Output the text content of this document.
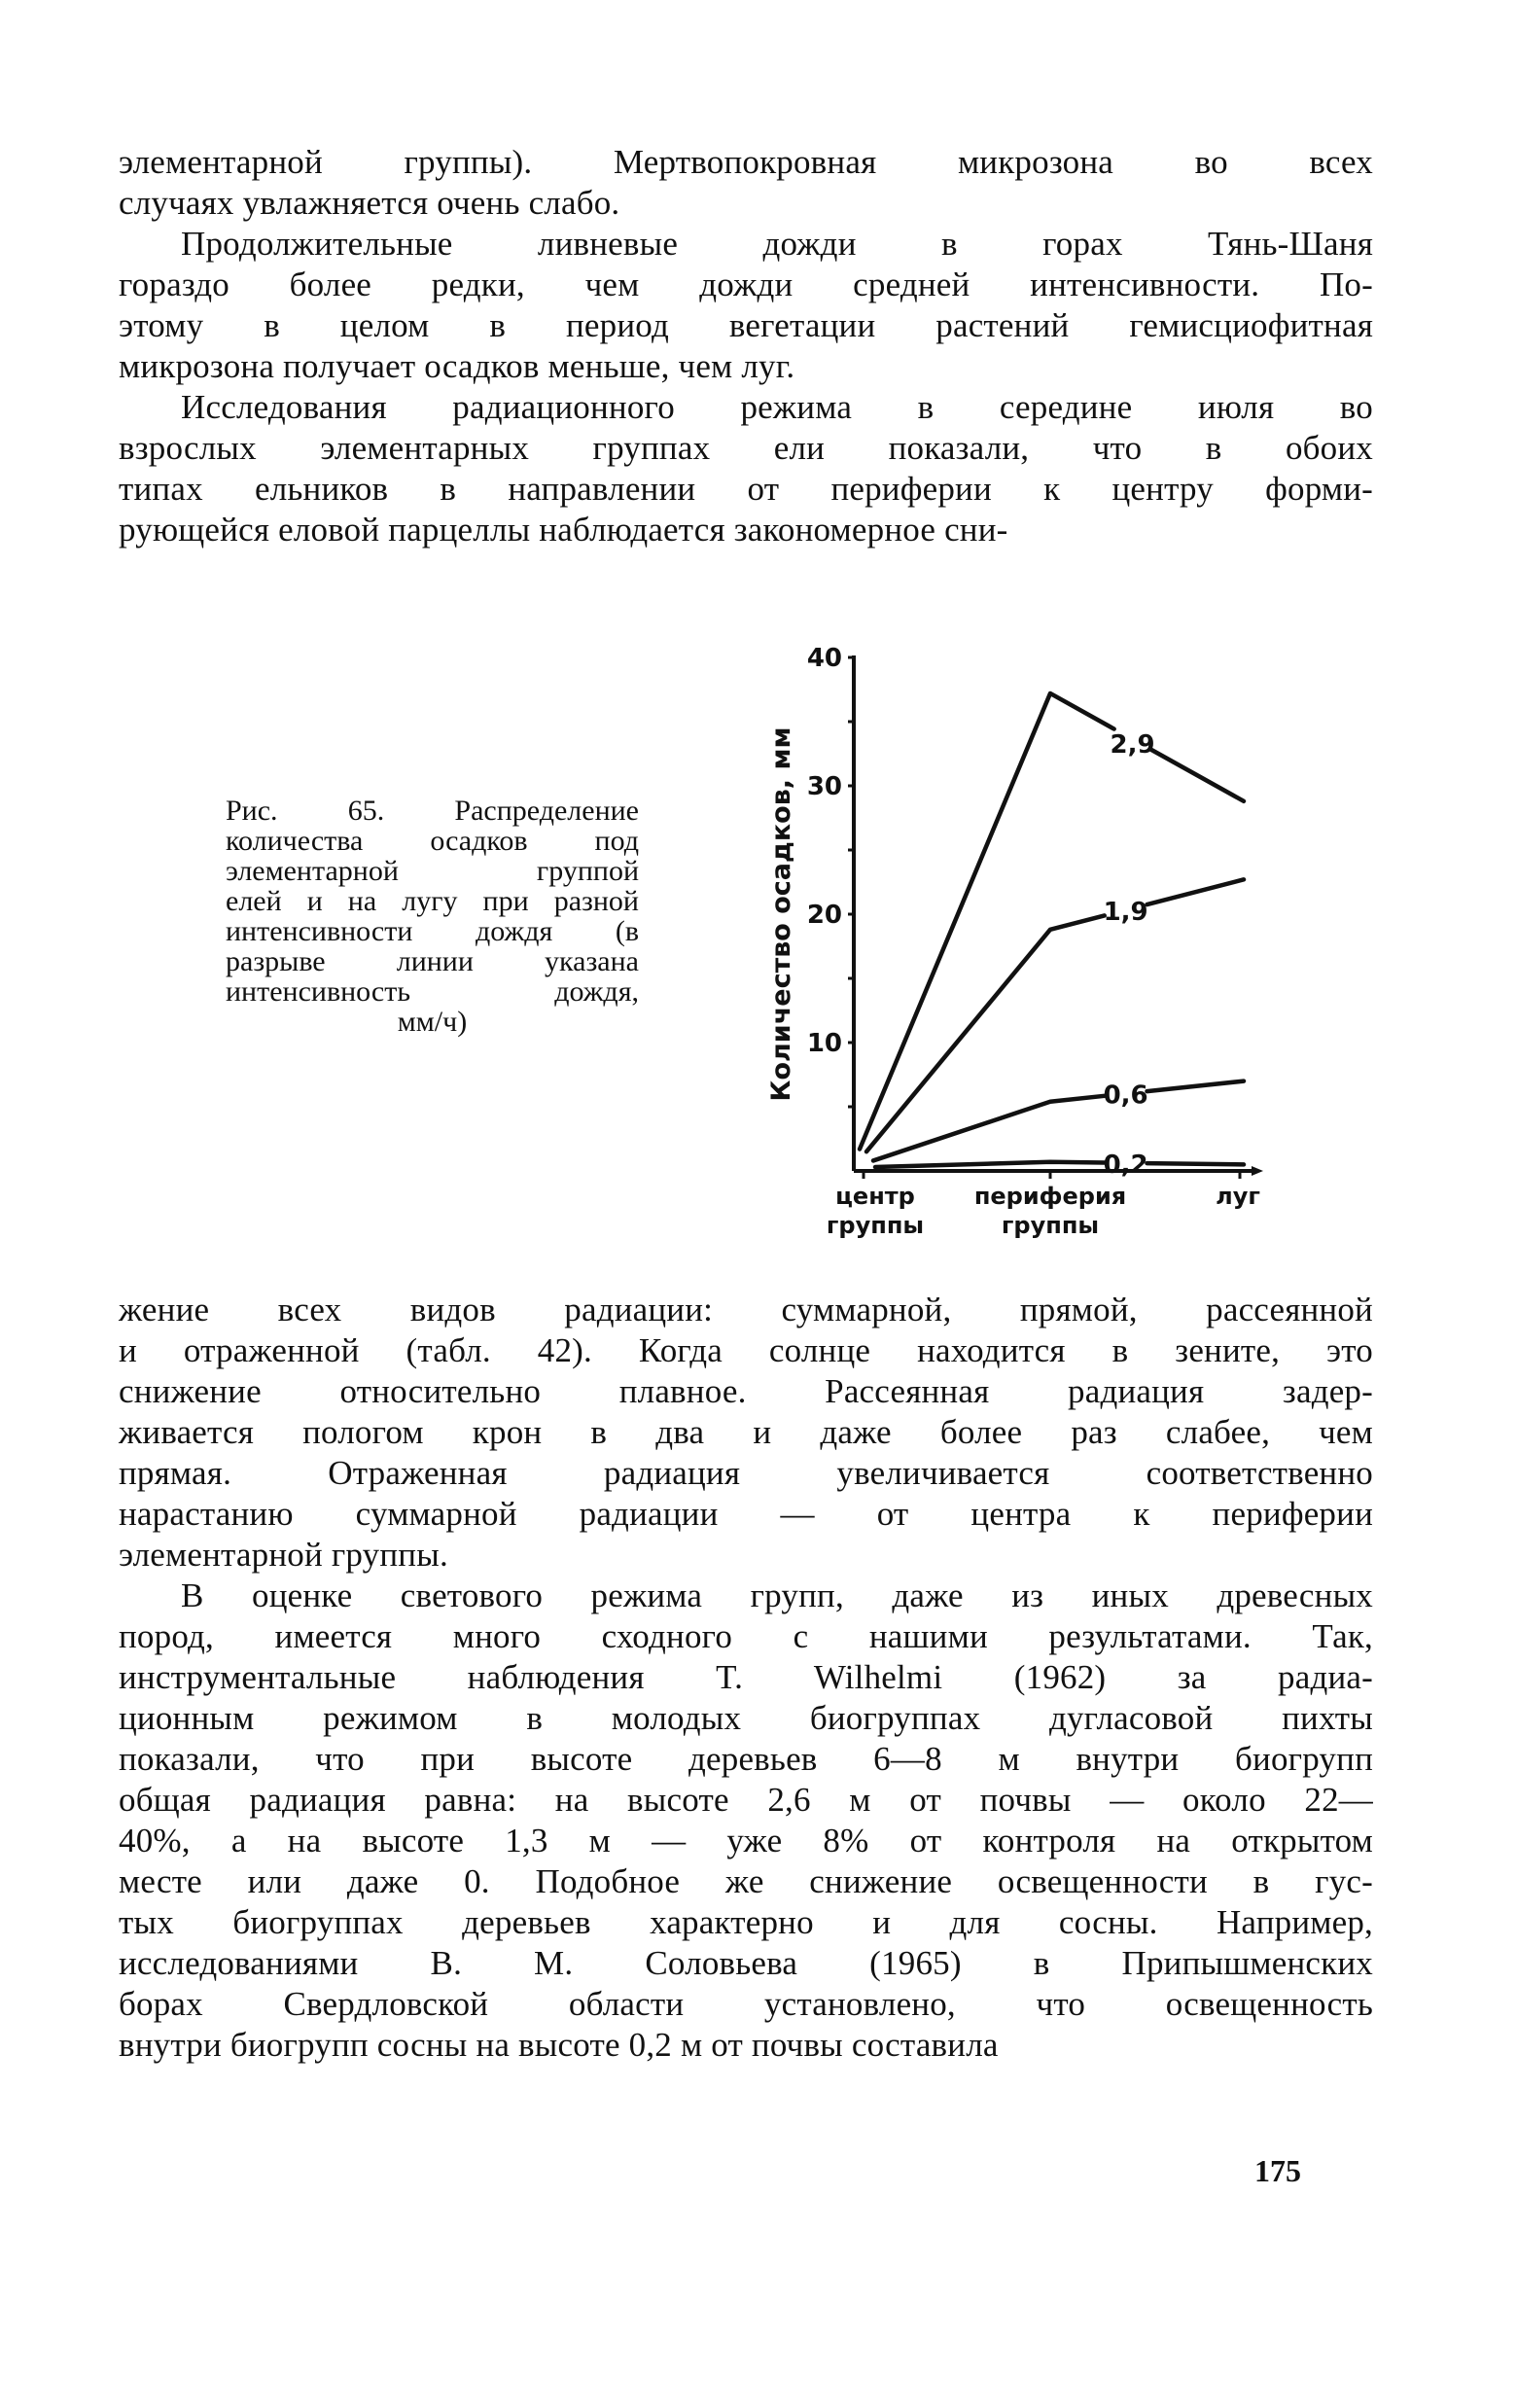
элементарной группы). Мертвопокровная микрозона во всех
случаях увлажняется очень слабо.
Продолжительные ливневые дожди в горах Тянь-Шаня
гораздо более редки, чем дожди средней интенсивности. По-
этому в целом в период вегетации растений гемисциофитная
микрозона получает осадков меньше, чем луг.
Исследования радиационного режима в середине июля во
взрослых элементарных группах ели показали, что в обоих
типах ельников в направлении от периферии к центру форми-
рующейся еловой парцеллы наблюдается закономерное сни-
Рис. 65. Распределение
количества осадков под
элементарной группой
елей и на лугу при разной
интенсивности дождя (в
разрыве линии указана
интенсивность дождя,
мм/ч)
10
20
30
40
центр
группы
периферия
группы
луг
Количество осадков, мм	2,9
1,9
0,6
0,2
жение всех видов радиации: суммарной, прямой, рассеянной
и отраженной (табл. 42). Когда солнце находится в зените, это
снижение относительно плавное. Рассеянная радиация задер-
живается пологом крон в два и даже более раз слабее, чем
прямая. Отраженная радиация увеличивается соответственно
нарастанию суммарной радиации — от центра к периферии
элементарной группы.
В оценке светового режима групп, даже из иных древесных
пород, имеется много сходного с нашими результатами. Так,
инструментальные наблюдения T. Wilhelmi (1962) за радиа-
ционным режимом в молодых биогруппах дугласовой пихты
показали, что при высоте деревьев 6—8 м внутри биогрупп
общая радиация равна: на высоте 2,6 м от почвы — около 22—
40%, а на высоте 1,3 м — уже 8% от контроля на открытом
месте или даже 0. Подобное же снижение освещенности в гус-
тых биогруппах деревьев характерно и для сосны. Например,
исследованиями В. М. Соловьева (1965) в Припышменских
борах Свердловской области установлено, что освещенность
внутри биогрупп сосны на высоте 0,2 м от почвы составила
175
